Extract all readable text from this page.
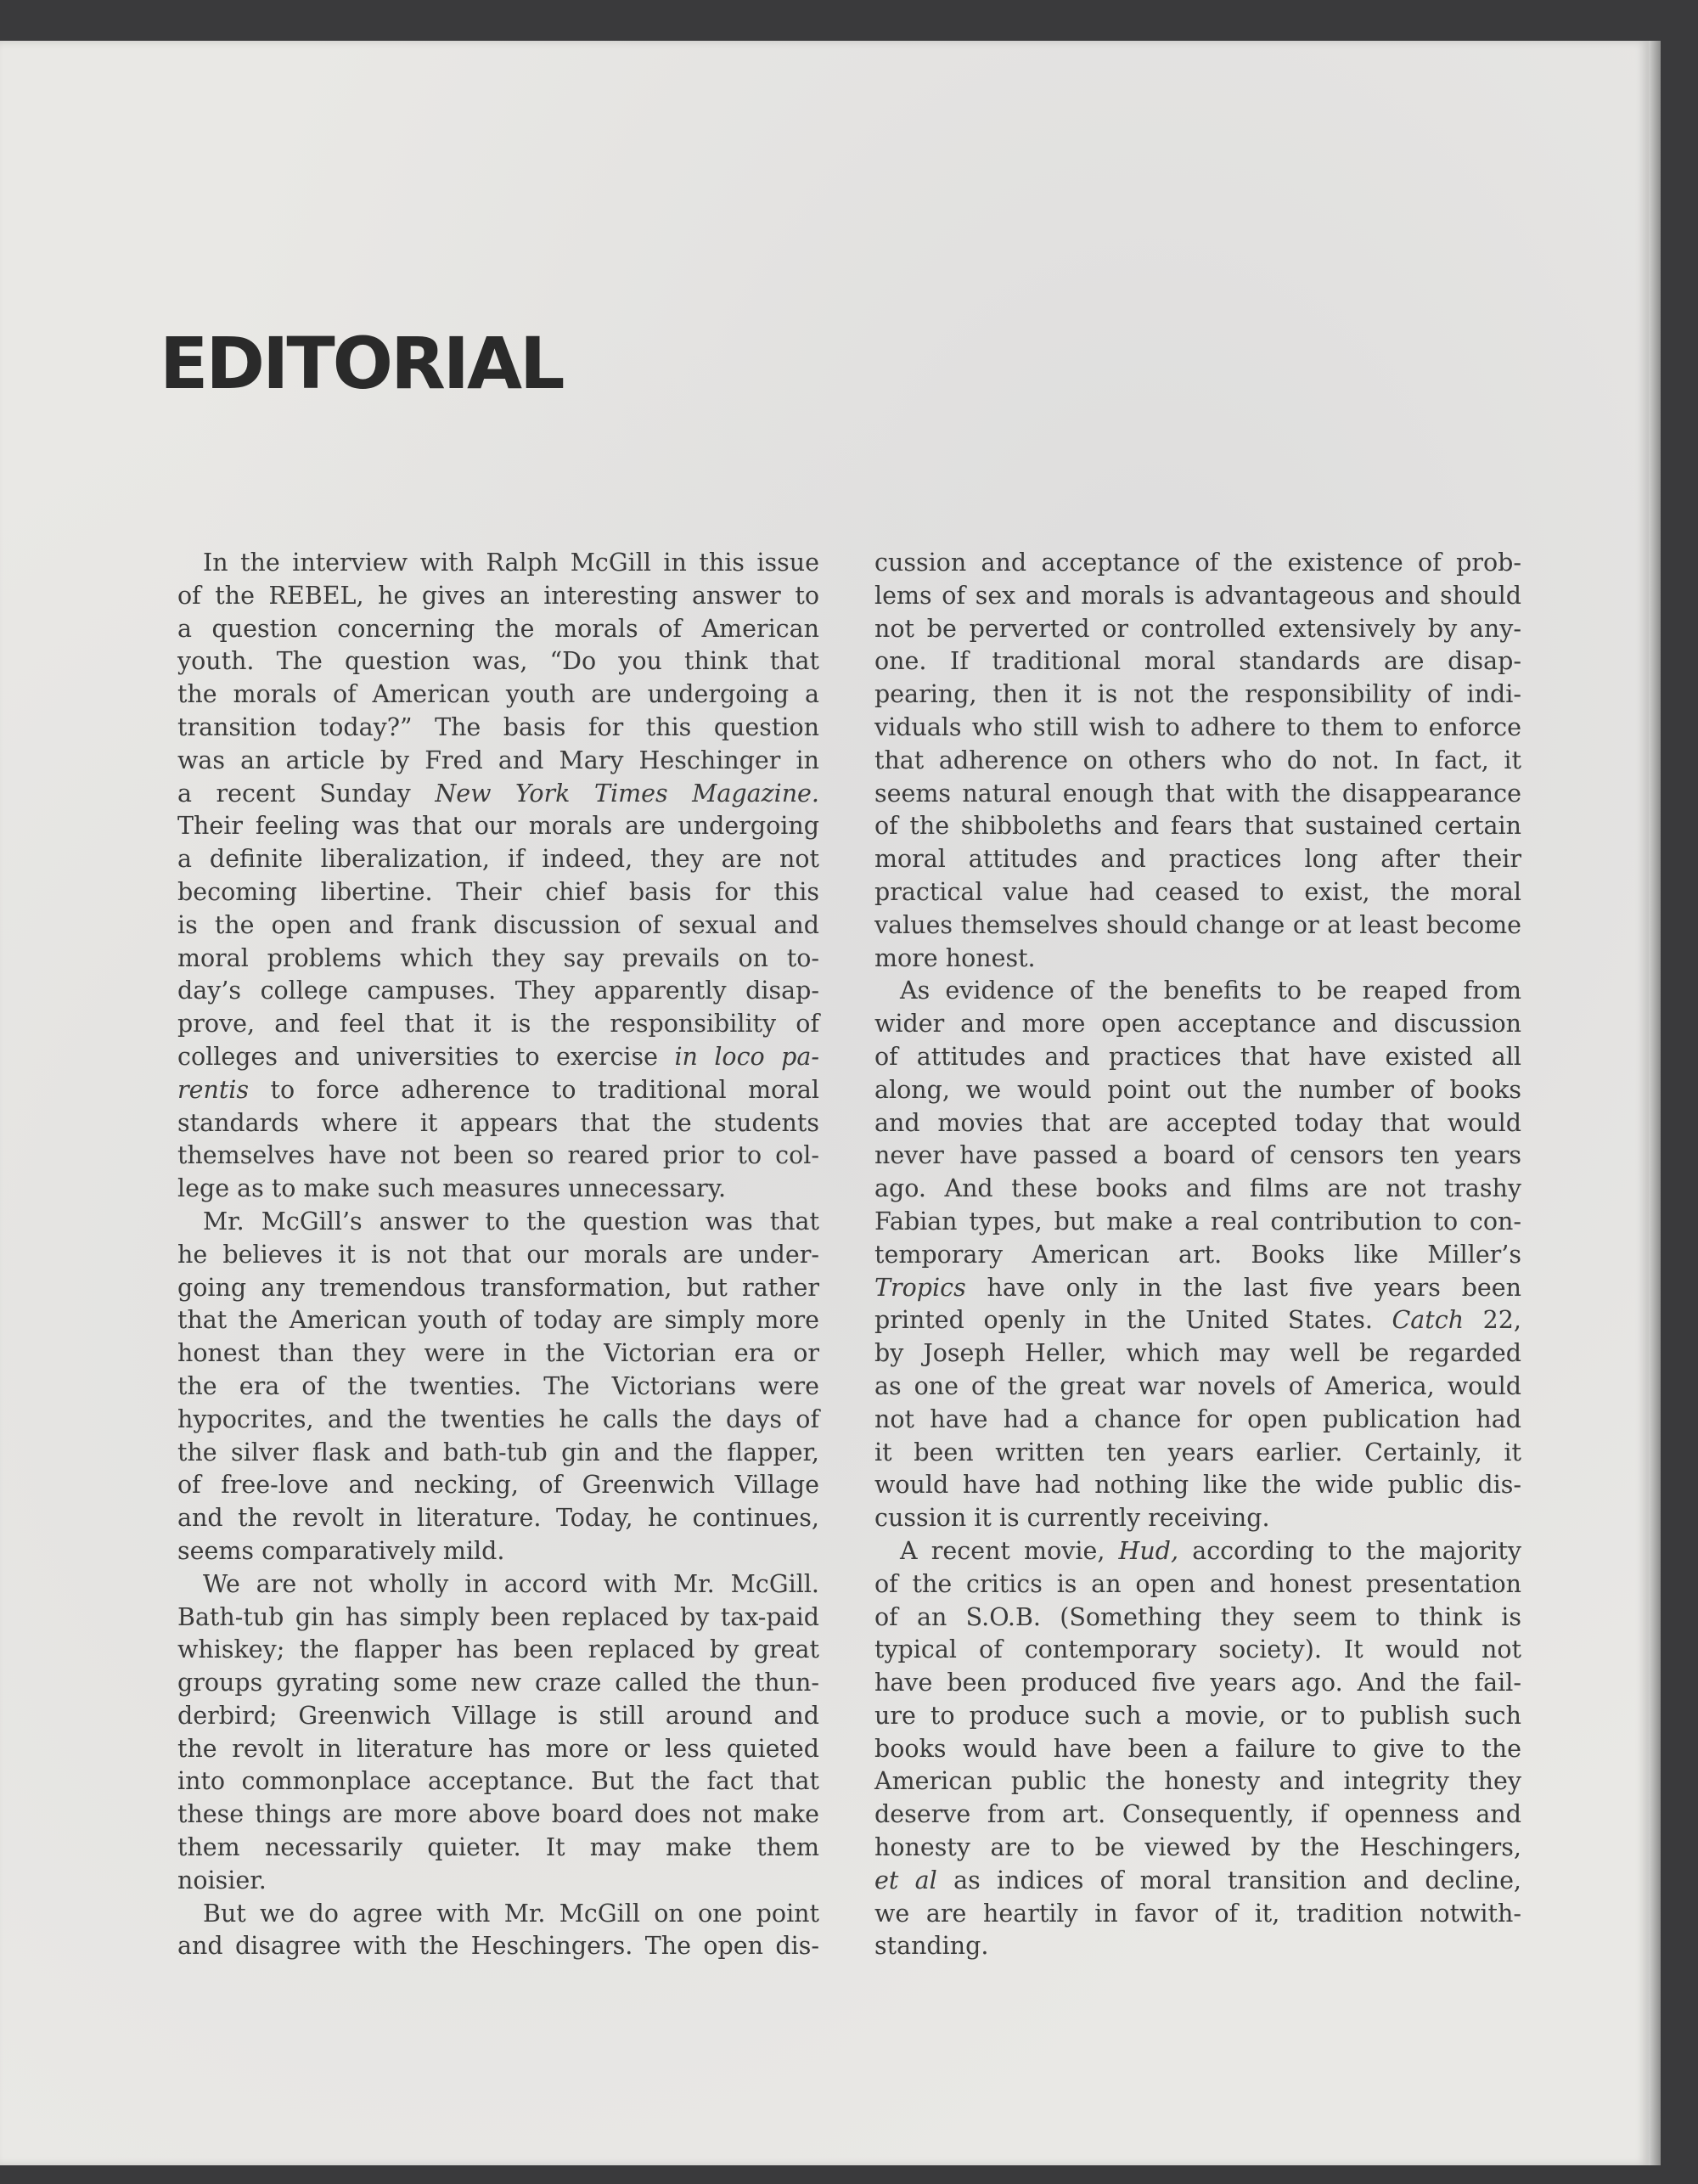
EDITORIAL
In the interview with Ralph McGill in this issue
of the REBEL, he gives an interesting answer to
a question concerning the morals of American
youth. The question was, “Do you think that
the morals of American youth are undergoing a
transition today?” The basis for this question
was an article by Fred and Mary Heschinger in
a recent Sunday New York Times Magazine.
Their feeling was that our morals are undergoing
a definite liberalization, if indeed, they are not
becoming libertine. Their chief basis for this
is the open and frank discussion of sexual and
moral problems which they say prevails on to-
day’s college campuses. They apparently disap-
prove, and feel that it is the responsibility of
colleges and universities to exercise in loco pa-
rentis to force adherence to traditional moral
standards where it appears that the students
themselves have not been so reared prior to col-
lege as to make such measures unnecessary.
Mr. McGill’s answer to the question was that
he believes it is not that our morals are under-
going any tremendous transformation, but rather
that the American youth of today are simply more
honest than they were in the Victorian era or
the era of the twenties. The Victorians were
hypocrites, and the twenties he calls the days of
the silver flask and bath-tub gin and the flapper,
of free-love and necking, of Greenwich Village
and the revolt in literature. Today, he continues,
seems comparatively mild.
We are not wholly in accord with Mr. McGill.
Bath-tub gin has simply been replaced by tax-paid
whiskey; the flapper has been replaced by great
groups gyrating some new craze called the thun-
derbird; Greenwich Village is still around and
the revolt in literature has more or less quieted
into commonplace acceptance. But the fact that
these things are more above board does not make
them necessarily quieter. It may make them
noisier.
But we do agree with Mr. McGill on one point
and disagree with the Heschingers. The open dis-
cussion and acceptance of the existence of prob-
lems of sex and morals is advantageous and should
not be perverted or controlled extensively by any-
one. If traditional moral standards are disap-
pearing, then it is not the responsibility of indi-
viduals who still wish to adhere to them to enforce
that adherence on others who do not. In fact, it
seems natural enough that with the disappearance
of the shibboleths and fears that sustained certain
moral attitudes and practices long after their
practical value had ceased to exist, the moral
values themselves should change or at least become
more honest.
As evidence of the benefits to be reaped from
wider and more open acceptance and discussion
of attitudes and practices that have existed all
along, we would point out the number of books
and movies that are accepted today that would
never have passed a board of censors ten years
ago. And these books and films are not trashy
Fabian types, but make a real contribution to con-
temporary American art. Books like Miller’s
Tropics have only in the last five years been
printed openly in the United States. Catch 22,
by Joseph Heller, which may well be regarded
as one of the great war novels of America, would
not have had a chance for open publication had
it been written ten years earlier. Certainly, it
would have had nothing like the wide public dis-
cussion it is currently receiving.
A recent movie, Hud, according to the majority
of the critics is an open and honest presentation
of an S.O.B. (Something they seem to think is
typical of contemporary society). It would not
have been produced five years ago. And the fail-
ure to produce such a movie, or to publish such
books would have been a failure to give to the
American public the honesty and integrity they
deserve from art. Consequently, if openness and
honesty are to be viewed by the Heschingers,
et al as indices of moral transition and decline,
we are heartily in favor of it, tradition notwith-
standing.
